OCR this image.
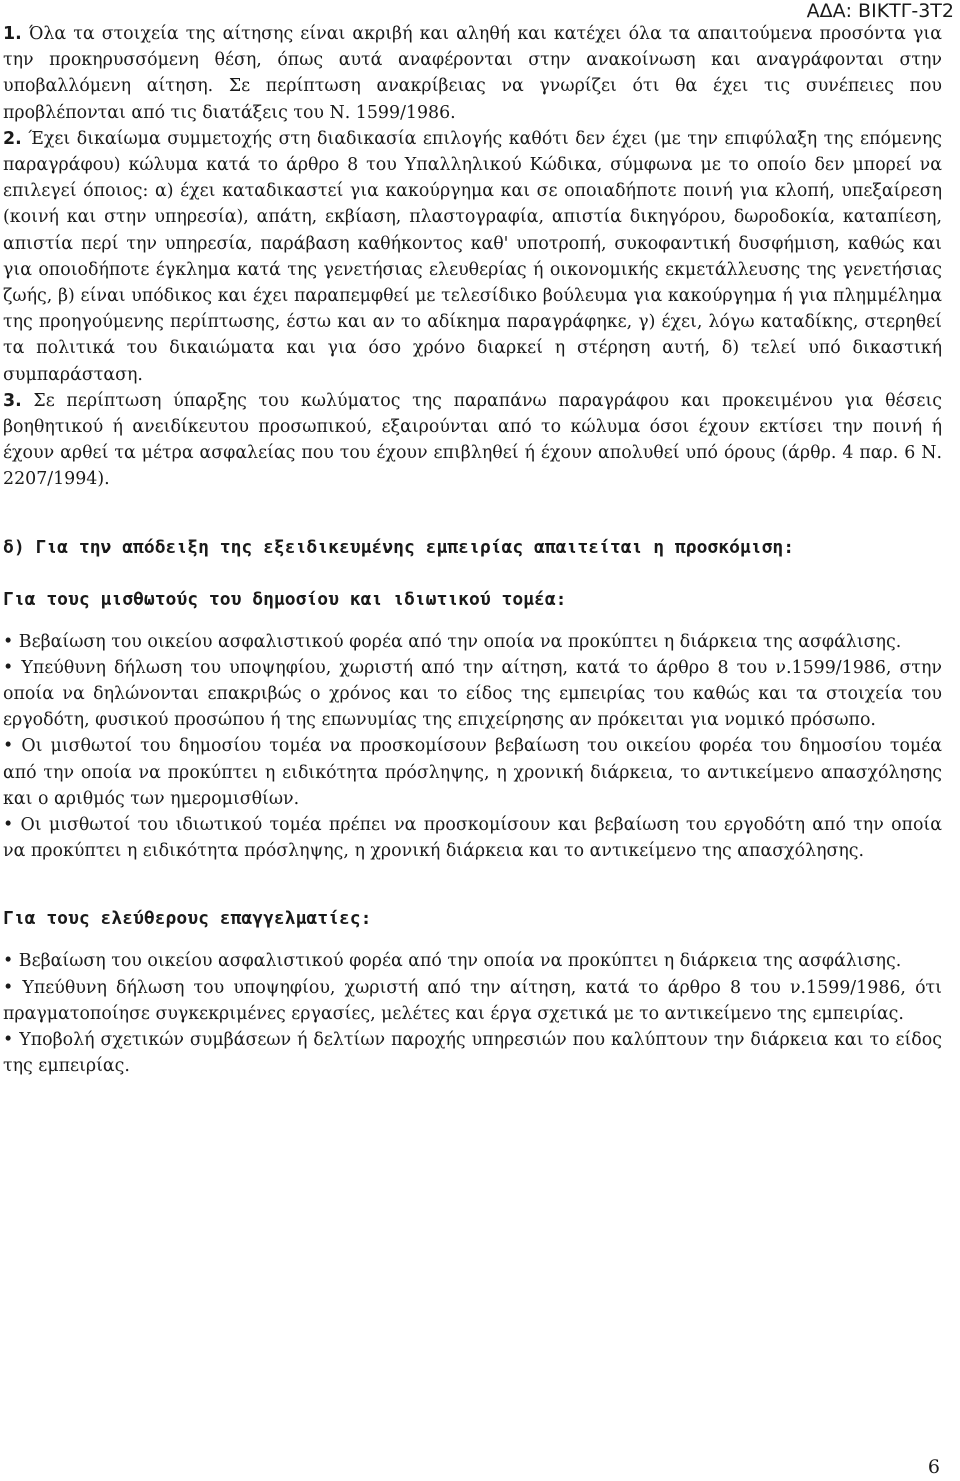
ΑΔΑ: ΒΙΚΤΓ-3Τ2

1. Όλα τα στοιχεία της αίτησης είναι ακριβή και αληθή και κατέχει όλα τα απαιτούμενα προσόντα για την προκηρυσσόμενη θέση, όπως αυτά αναφέρονται στην ανακοίνωση και αναγράφονται στην υποβαλλόμενη αίτηση. Σε περίπτωση ανακρίβειας να γνωρίζει ότι θα έχει τις συνέπειες που προβλέπονται από τις διατάξεις του Ν. 1599/1986.

2. Έχει δικαίωμα συμμετοχής στη διαδικασία επιλογής καθότι δεν έχει (με την επιφύλαξη της επόμενης παραγράφου) κώλυμα κατά το άρθρο 8 του Υπαλληλικού Κώδικα, σύμφωνα με το οποίο δεν μπορεί να επιλεγεί όποιος: α) έχει καταδικαστεί για κακούργημα και σε οποιαδήποτε ποινή για κλοπή, υπεξαίρεση (κοινή και στην υπηρεσία), απάτη, εκβίαση, πλαστογραφία, απιστία δικηγόρου, δωροδοκία, καταπίεση, απιστία περί την υπηρεσία, παράβαση καθήκοντος καθ' υποτροπή, συκοφαντική δυσφήμιση, καθώς και για οποιοδήποτε έγκλημα κατά της γενετήσιας ελευθερίας ή οικονομικής εκμετάλλευσης της γενετήσιας ζωής, β) είναι υπόδικος και έχει παραπεμφθεί με τελεσίδικο βούλευμα για κακούργημα ή για πλημμέλημα της προηγούμενης περίπτωσης, έστω και αν το αδίκημα παραγράφηκε, γ) έχει, λόγω καταδίκης, στερηθεί τα πολιτικά του δικαιώματα και για όσο χρόνο διαρκεί η στέρηση αυτή, δ) τελεί υπό δικαστική συμπαράσταση.

3. Σε περίπτωση ύπαρξης του κωλύματος της παραπάνω παραγράφου και προκειμένου για θέσεις βοηθητικού ή ανειδίκευτου προσωπικού, εξαιρούνται από το κώλυμα όσοι έχουν εκτίσει την ποινή ή έχουν αρθεί τα μέτρα ασφαλείας που του έχουν επιβληθεί ή έχουν απολυθεί υπό όρους (άρθρ. 4 παρ. 6 Ν. 2207/1994).

δ) Για την απόδειξη της εξειδικευμένης εμπειρίας απαιτείται η προσκόμιση:
Για τους μισθωτούς του δημοσίου και ιδιωτικού τομέα:

• Βεβαίωση του οικείου ασφαλιστικού φορέα από την οποία να προκύπτει η διάρκεια της ασφάλισης.

• Υπεύθυνη δήλωση του υποψηφίου, χωριστή από την αίτηση, κατά το άρθρο 8 του ν.1599/1986, στην οποία να δηλώνονται επακριβώς ο χρόνος και το είδος της εμπειρίας του καθώς και τα στοιχεία του εργοδότη, φυσικού προσώπου ή της επωνυμίας της επιχείρησης αν πρόκειται για νομικό πρόσωπο.

• Οι μισθωτοί του δημοσίου τομέα να προσκομίσουν βεβαίωση του οικείου φορέα του δημοσίου τομέα από την οποία να προκύπτει η ειδικότητα πρόσληψης, η χρονική διάρκεια, το αντικείμενο απασχόλησης και ο αριθμός των ημερομισθίων.

• Οι μισθωτοί του ιδιωτικού τομέα πρέπει να προσκομίσουν και βεβαίωση του εργοδότη από την οποία να προκύπτει η ειδικότητα πρόσληψης, η χρονική διάρκεια και το αντικείμενο της απασχόλησης.

Για τους ελεύθερους επαγγελματίες:

• Βεβαίωση του οικείου ασφαλιστικού φορέα από την οποία να προκύπτει η διάρκεια της ασφάλισης.

• Υπεύθυνη δήλωση του υποψηφίου, χωριστή από την αίτηση, κατά το άρθρο 8 του ν.1599/1986, ότι πραγματοποίησε συγκεκριμένες εργασίες, μελέτες και έργα σχετικά με το αντικείμενο της εμπειρίας.

• Υποβολή σχετικών συμβάσεων ή δελτίων παροχής υπηρεσιών που καλύπτουν την διάρκεια και το είδος της εμπειρίας.

6
